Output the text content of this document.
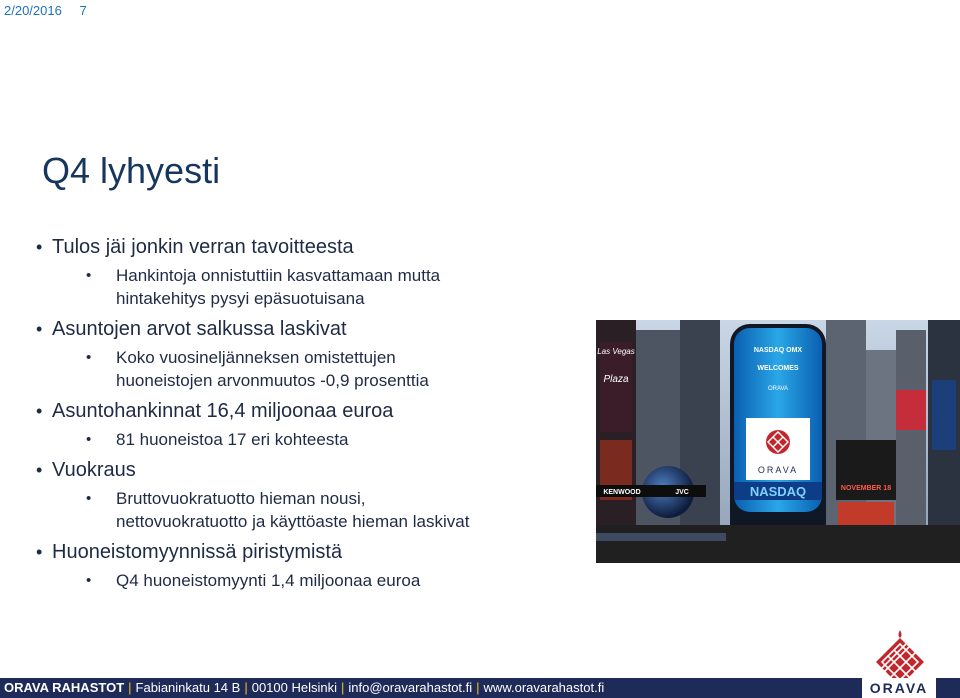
2/20/2016 7
Q4 lyhyesti
• Tulos jäi jonkin verran tavoitteesta
• Hankintoja onnistuttiin kasvattamaan mutta
hintakehitys pysyi epäsuotuisana
• Asuntojen arvot salkussa laskivat
• Koko vuosineljänneksen omistettujen
huoneistojen arvonmuutos -0,9 prosenttia
• Asuntohankinnat 16,4 miljoonaa euroa
• 81 huoneistoa 17 eri kohteesta
• Vuokraus
• Bruttovuokratuotto hieman nousi,
nettovuokratuotto ja käyttöaste hieman laskivat
• Huoneistomyynnissä piristymistä
• Q4 huoneistomyynti 1,4 miljoonaa euroa
Las Vegas
Plaza
NASDAQ OMX
WELCOMES
ORAVA
ORAVA
NASDAQ	NOVEMBER 18
KENWOOD	JVC
ORAVA RAHASTOT | Fabianinkatu 14 B | 00100 Helsinki | info@oravarahastot.fi | www.oravarahastot.fi	ORAVA
